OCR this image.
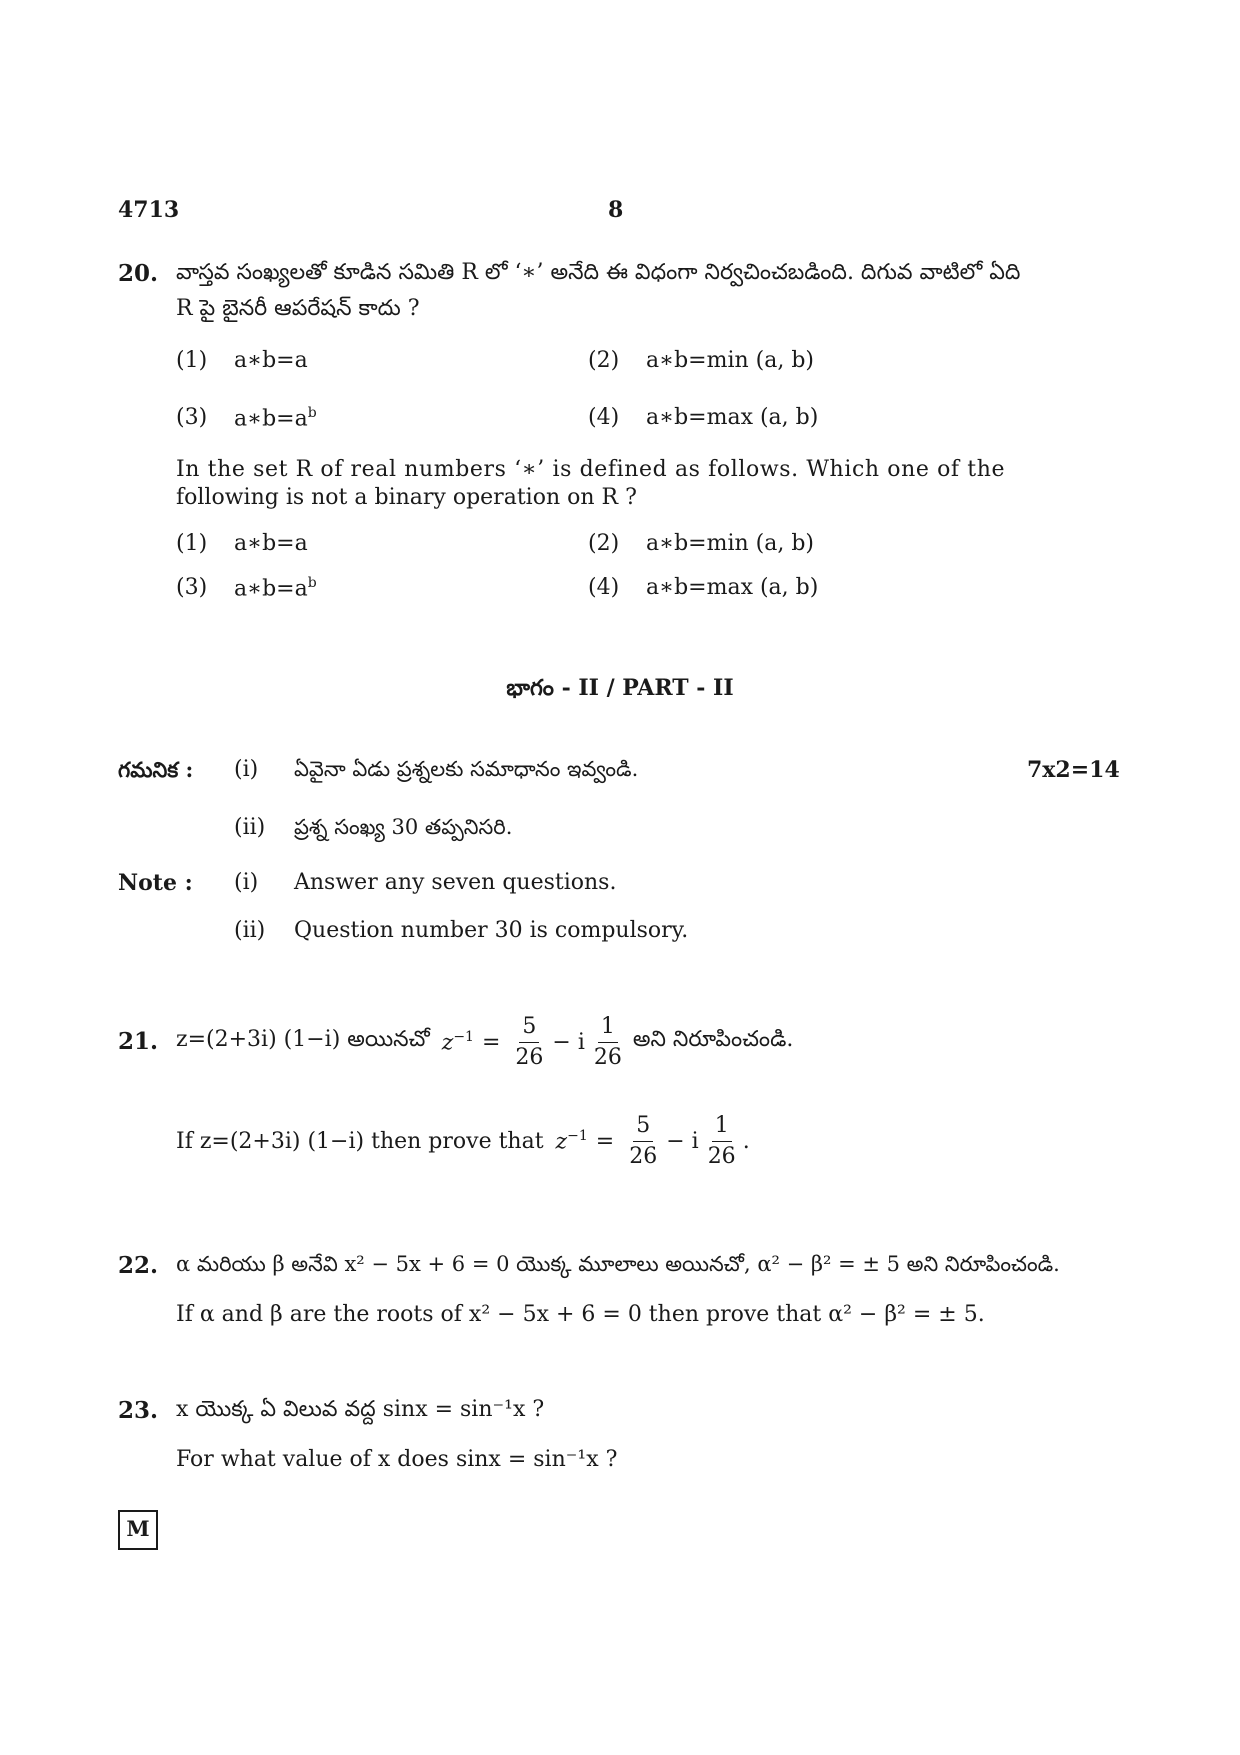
4713	8
20. వాస్తవ సంఖ్యలతో కూడిన సమితి R లో ‘∗’ అనేది ఈ విధంగా నిర్వచించబడింది. దిగువ వాటిలో ఏది
R పై బైనరీ ఆపరేషన్ కాదు ?
(1) a∗b=a	(2) a∗b=min (a, b)
(3) $a∗b=a^b$	(4) a∗b=max (a, b)
In the set R of real numbers ‘∗’ is defined as follows. Which one of the
following is not a binary operation on R ?
(1) a∗b=a	(2) a∗b=min (a, b)
(3) $a∗b=a^b$	(4) a∗b=max (a, b)
భాగం - II / PART - II
గమనిక : (i) ఏవైనా ఏడు ప్రశ్నలకు సమాధానం ఇవ్వండి.	7x2=14
(ii) ప్రశ్న సంఖ్య 30 తప్పనిసరి.
Note : (i) Answer any seven questions.
(ii) Question number 30 is compulsory.
21. z=(2+3i) (1−i) అయినచో $z^{-1} = \frac{5}{26} - i \frac{1}{26}$ అని నిరూపించండి.
If z=(2+3i) (1−i) then prove that $z^{-1} = \frac{5}{26} - i \frac{1}{26}$ .
22. α మరియు β అనేవి x² − 5x + 6 = 0 యొక్క మూలాలు అయినచో, α² − β² = ± 5 అని నిరూపించండి.
If α and β are the roots of x² − 5x + 6 = 0 then prove that α² − β² = ± 5.
23. x యొక్క ఏ విలువ వద్ద sinx = sin⁻¹x ?
For what value of x does sinx = sin⁻¹x ?
M
